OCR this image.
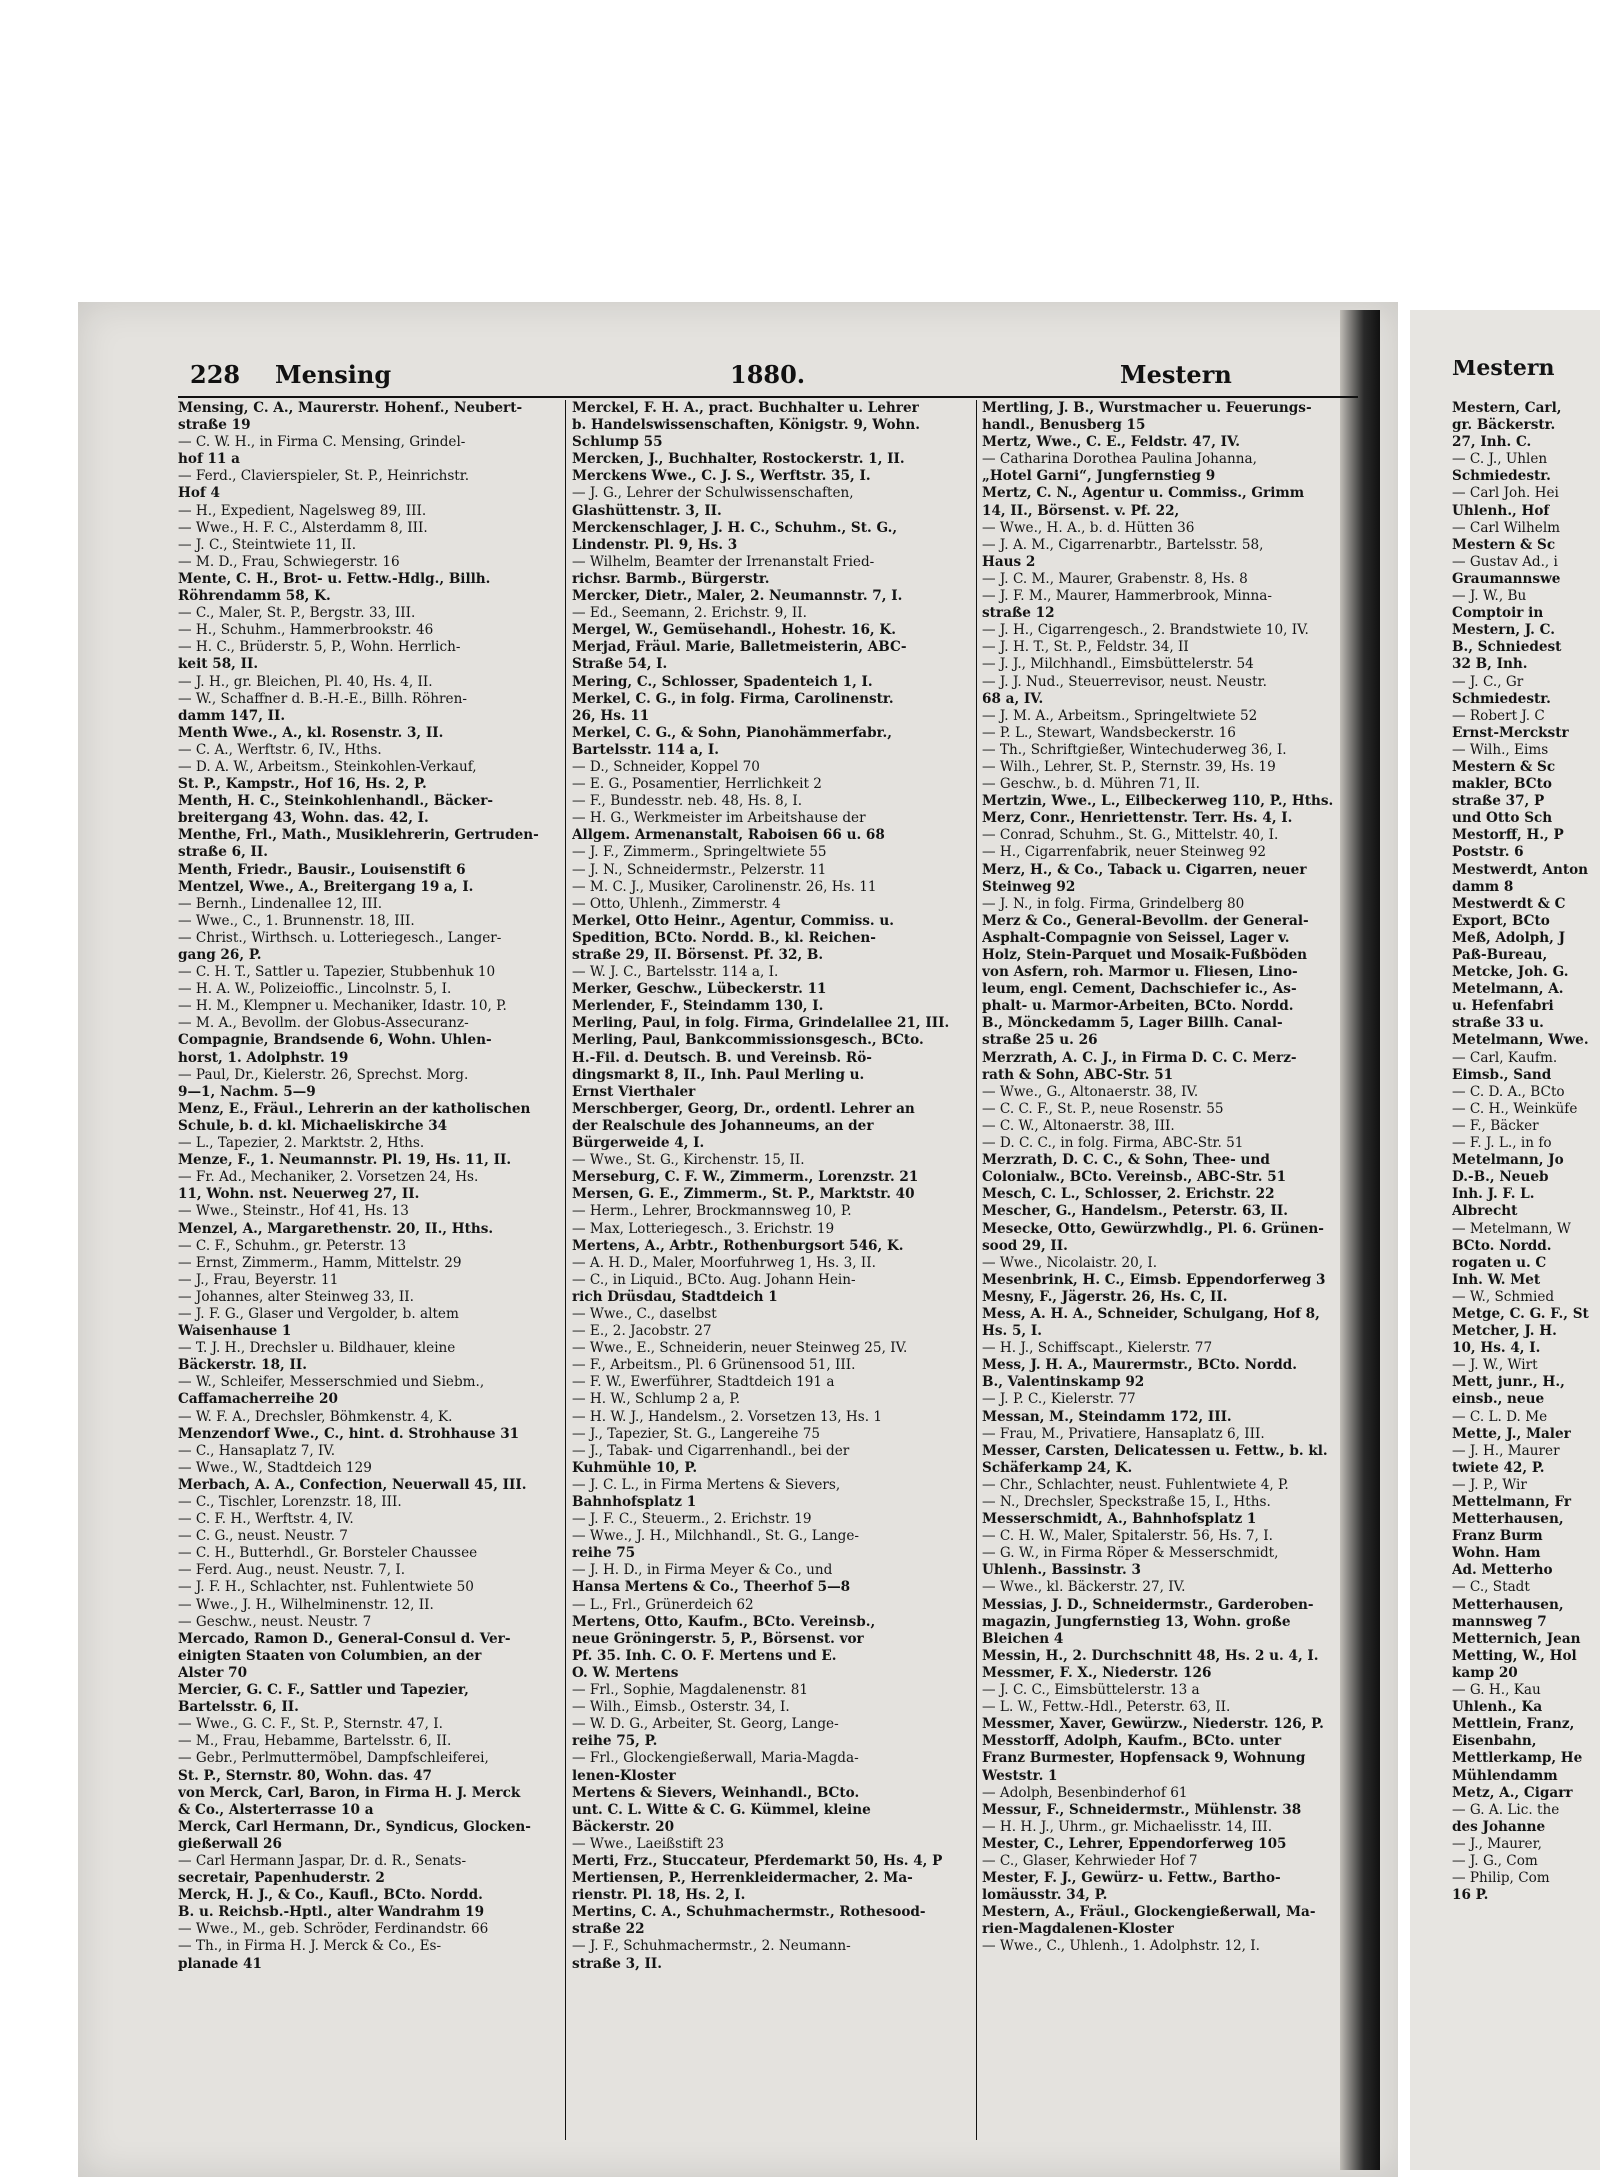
228 Mensing	1880.	Mestern
Mensing, C. A., Maurerstr. Hohenf., Neubert-
straße 19
— C. W. H., in Firma C. Mensing, Grindel-
hof 11 a
— Ferd., Clavierspieler, St. P., Heinrichstr.
Hof 4
— H., Expedient, Nagelsweg 89, III.
— Wwe., H. F. C., Alsterdamm 8, III.
— J. C., Steintwiete 11, II.
— M. D., Frau, Schwiegerstr. 16
Mente, C. H., Brot- u. Fettw.-Hdlg., Billh.
Röhrendamm 58, K.
— C., Maler, St. P., Bergstr. 33, III.
— H., Schuhm., Hammerbrookstr. 46
— H. C., Brüderstr. 5, P., Wohn. Herrlich-
keit 58, II.
— J. H., gr. Bleichen, Pl. 40, Hs. 4, II.
— W., Schaffner d. B.-H.-E., Billh. Röhren-
damm 147, II.
Menth Wwe., A., kl. Rosenstr. 3, II.
— C. A., Werftstr. 6, IV., Hths.
— D. A. W., Arbeitsm., Steinkohlen-Verkauf,
St. P., Kampstr., Hof 16, Hs. 2, P.
Menth, H. C., Steinkohlenhandl., Bäcker-
breitergang 43, Wohn. das. 42, I.
Menthe, Frl., Math., Musiklehrerin, Gertruden-
straße 6, II.
Menth, Friedr., Bausir., Louisenstift 6
Mentzel, Wwe., A., Breitergang 19 a, I.
— Bernh., Lindenallee 12, III.
— Wwe., C., 1. Brunnenstr. 18, III.
— Christ., Wirthsch. u. Lotteriegesch., Langer-
gang 26, P.
— C. H. T., Sattler u. Tapezier, Stubbenhuk 10
— H. A. W., Polizeioffic., Lincolnstr. 5, I.
— H. M., Klempner u. Mechaniker, Idastr. 10, P.
— M. A., Bevollm. der Globus-Assecuranz-
Compagnie, Brandsende 6, Wohn. Uhlen-
horst, 1. Adolphstr. 19
— Paul, Dr., Kielerstr. 26, Sprechst. Morg.
9—1, Nachm. 5—9
Menz, E., Fräul., Lehrerin an der katholischen
Schule, b. d. kl. Michaeliskirche 34
— L., Tapezier, 2. Marktstr. 2, Hths.
Menze, F., 1. Neumannstr. Pl. 19, Hs. 11, II.
— Fr. Ad., Mechaniker, 2. Vorsetzen 24, Hs.
11, Wohn. nst. Neuerweg 27, II.
— Wwe., Steinstr., Hof 41, Hs. 13
Menzel, A., Margarethenstr. 20, II., Hths.
— C. F., Schuhm., gr. Peterstr. 13
— Ernst, Zimmerm., Hamm, Mittelstr. 29
— J., Frau, Beyerstr. 11
— Johannes, alter Steinweg 33, II.
— J. F. G., Glaser und Vergolder, b. altem
Waisenhause 1
— T. J. H., Drechsler u. Bildhauer, kleine
Bäckerstr. 18, II.
— W., Schleifer, Messerschmied und Siebm.,
Caffamacherreihe 20
— W. F. A., Drechsler, Böhmkenstr. 4, K.
Menzendorf Wwe., C., hint. d. Strohhause 31
— C., Hansaplatz 7, IV.
— Wwe., W., Stadtdeich 129
Merbach, A. A., Confection, Neuerwall 45, III.
— C., Tischler, Lorenzstr. 18, III.
— C. F. H., Werftstr. 4, IV.
— C. G., neust. Neustr. 7
— C. H., Butterhdl., Gr. Borsteler Chaussee
— Ferd. Aug., neust. Neustr. 7, I.
— J. F. H., Schlachter, nst. Fuhlentwiete 50
— Wwe., J. H., Wilhelminenstr. 12, II.
— Geschw., neust. Neustr. 7
Mercado, Ramon D., General-Consul d. Ver-
einigten Staaten von Columbien, an der
Alster 70
Mercier, G. C. F., Sattler und Tapezier,
Bartelsstr. 6, II.
— Wwe., G. C. F., St. P., Sternstr. 47, I.
— M., Frau, Hebamme, Bartelsstr. 6, II.
— Gebr., Perlmuttermöbel, Dampfschleiferei,
St. P., Sternstr. 80, Wohn. das. 47
von Merck, Carl, Baron, in Firma H. J. Merck
& Co., Alsterterrasse 10 a
Merck, Carl Hermann, Dr., Syndicus, Glocken-
gießerwall 26
— Carl Hermann Jaspar, Dr. d. R., Senats-
secretair, Papenhuderstr. 2
Merck, H. J., & Co., Kaufl., BCto. Nordd.
B. u. Reichsb.-Hptl., alter Wandrahm 19
— Wwe., M., geb. Schröder, Ferdinandstr. 66
— Th., in Firma H. J. Merck & Co., Es-
planade 41
Merckel, F. H. A., pract. Buchhalter u. Lehrer
b. Handelswissenschaften, Königstr. 9, Wohn.
Schlump 55
Mercken, J., Buchhalter, Rostockerstr. 1, II.
Merckens Wwe., C. J. S., Werftstr. 35, I.
— J. G., Lehrer der Schulwissenschaften,
Glashüttenstr. 3, II.
Merckenschlager, J. H. C., Schuhm., St. G.,
Lindenstr. Pl. 9, Hs. 3
— Wilhelm, Beamter der Irrenanstalt Fried-
richsr. Barmb., Bürgerstr.
Mercker, Dietr., Maler, 2. Neumannstr. 7, I.
— Ed., Seemann, 2. Erichstr. 9, II.
Mergel, W., Gemüsehandl., Hohestr. 16, K.
Merjad, Fräul. Marie, Balletmeisterin, ABC-
Straße 54, I.
Mering, C., Schlosser, Spadenteich 1, I.
Merkel, C. G., in folg. Firma, Carolinenstr.
26, Hs. 11
Merkel, C. G., & Sohn, Pianohämmerfabr.,
Bartelsstr. 114 a, I.
— D., Schneider, Koppel 70
— E. G., Posamentier, Herrlichkeit 2
— F., Bundesstr. neb. 48, Hs. 8, I.
— H. G., Werkmeister im Arbeitshause der
Allgem. Armenanstalt, Raboisen 66 u. 68
— J. F., Zimmerm., Springeltwiete 55
— J. N., Schneidermstr., Pelzerstr. 11
— M. C. J., Musiker, Carolinenstr. 26, Hs. 11
— Otto, Uhlenh., Zimmerstr. 4
Merkel, Otto Heinr., Agentur, Commiss. u.
Spedition, BCto. Nordd. B., kl. Reichen-
straße 29, II. Börsenst. Pf. 32, B.
— W. J. C., Bartelsstr. 114 a, I.
Merker, Geschw., Lübeckerstr. 11
Merlender, F., Steindamm 130, I.
Merling, Paul, in folg. Firma, Grindelallee 21, III.
Merling, Paul, Bankcommissionsgesch., BCto.
H.-Fil. d. Deutsch. B. und Vereinsb. Rö-
dingsmarkt 8, II., Inh. Paul Merling u.
Ernst Vierthaler
Merschberger, Georg, Dr., ordentl. Lehrer an
der Realschule des Johanneums, an der
Bürgerweide 4, I.
— Wwe., St. G., Kirchenstr. 15, II.
Merseburg, C. F. W., Zimmerm., Lorenzstr. 21
Mersen, G. E., Zimmerm., St. P., Marktstr. 40
— Herm., Lehrer, Brockmannsweg 10, P.
— Max, Lotteriegesch., 3. Erichstr. 19
Mertens, A., Arbtr., Rothenburgsort 546, K.
— A. H. D., Maler, Moorfuhrweg 1, Hs. 3, II.
— C., in Liquid., BCto. Aug. Johann Hein-
rich Drüsdau, Stadtdeich 1
— Wwe., C., daselbst
— E., 2. Jacobstr. 27
— Wwe., E., Schneiderin, neuer Steinweg 25, IV.
— F., Arbeitsm., Pl. 6 Grünensood 51, III.
— F. W., Ewerführer, Stadtdeich 191 a
— H. W., Schlump 2 a, P.
— H. W. J., Handelsm., 2. Vorsetzen 13, Hs. 1
— J., Tapezier, St. G., Langereihe 75
— J., Tabak- und Cigarrenhandl., bei der
Kuhmühle 10, P.
— J. C. L., in Firma Mertens & Sievers,
Bahnhofsplatz 1
— J. F. C., Steuerm., 2. Erichstr. 19
— Wwe., J. H., Milchhandl., St. G., Lange-
reihe 75
— J. H. D., in Firma Meyer & Co., und
Hansa Mertens & Co., Theerhof 5—8
— L., Frl., Grünerdeich 62
Mertens, Otto, Kaufm., BCto. Vereinsb.,
neue Gröningerstr. 5, P., Börsenst. vor
Pf. 35. Inh. C. O. F. Mertens und E.
O. W. Mertens
— Frl., Sophie, Magdalenenstr. 81
— Wilh., Eimsb., Osterstr. 34, I.
— W. D. G., Arbeiter, St. Georg, Lange-
reihe 75, P.
— Frl., Glockengießerwall, Maria-Magda-
lenen-Kloster
Mertens & Sievers, Weinhandl., BCto.
unt. C. L. Witte & C. G. Kümmel, kleine
Bäckerstr. 20
— Wwe., Laeißstift 23
Merti, Frz., Stuccateur, Pferdemarkt 50, Hs. 4, P
Mertiensen, P., Herrenkleidermacher, 2. Ma-
rienstr. Pl. 18, Hs. 2, I.
Mertins, C. A., Schuhmachermstr., Rothesood-
straße 22
— J. F., Schuhmachermstr., 2. Neumann-
straße 3, II.
Mertling, J. B., Wurstmacher u. Feuerungs-
handl., Benusberg 15
Mertz, Wwe., C. E., Feldstr. 47, IV.
— Catharina Dorothea Paulina Johanna,
„Hotel Garni“, Jungfernstieg 9
Mertz, C. N., Agentur u. Commiss., Grimm
14, II., Börsenst. v. Pf. 22,
— Wwe., H. A., b. d. Hütten 36
— J. A. M., Cigarrenarbtr., Bartelsstr. 58,
Haus 2
— J. C. M., Maurer, Grabenstr. 8, Hs. 8
— J. F. M., Maurer, Hammerbrook, Minna-
straße 12
— J. H., Cigarrengesch., 2. Brandstwiete 10, IV.
— J. H. T., St. P., Feldstr. 34, II
— J. J., Milchhandl., Eimsbüttelerstr. 54
— J. J. Nud., Steuerrevisor, neust. Neustr.
68 a, IV.
— J. M. A., Arbeitsm., Springeltwiete 52
— P. L., Stewart, Wandsbeckerstr. 16
— Th., Schriftgießer, Wintechuderweg 36, I.
— Wilh., Lehrer, St. P., Sternstr. 39, Hs. 19
— Geschw., b. d. Mühren 71, II.
Mertzin, Wwe., L., Eilbeckerweg 110, P., Hths.
Merz, Conr., Henriettenstr. Terr. Hs. 4, I.
— Conrad, Schuhm., St. G., Mittelstr. 40, I.
— H., Cigarrenfabrik, neuer Steinweg 92
Merz, H., & Co., Taback u. Cigarren, neuer
Steinweg 92
— J. N., in folg. Firma, Grindelberg 80
Merz & Co., General-Bevollm. der General-
Asphalt-Compagnie von Seissel, Lager v.
Holz, Stein-Parquet und Mosaik-Fußböden
von Asfern, roh. Marmor u. Fliesen, Lino-
leum, engl. Cement, Dachschiefer ic., As-
phalt- u. Marmor-Arbeiten, BCto. Nordd.
B., Mönckedamm 5, Lager Billh. Canal-
straße 25 u. 26
Merzrath, A. C. J., in Firma D. C. C. Merz-
rath & Sohn, ABC-Str. 51
— Wwe., G., Altonaerstr. 38, IV.
— C. C. F., St. P., neue Rosenstr. 55
— C. W., Altonaerstr. 38, III.
— D. C. C., in folg. Firma, ABC-Str. 51
Merzrath, D. C. C., & Sohn, Thee- und
Colonialw., BCto. Vereinsb., ABC-Str. 51
Mesch, C. L., Schlosser, 2. Erichstr. 22
Mescher, G., Handelsm., Peterstr. 63, II.
Mesecke, Otto, Gewürzwhdlg., Pl. 6. Grünen-
sood 29, II.
— Wwe., Nicolaistr. 20, I.
Mesenbrink, H. C., Eimsb. Eppendorferweg 3
Mesny, F., Jägerstr. 26, Hs. C, II.
Mess, A. H. A., Schneider, Schulgang, Hof 8,
Hs. 5, I.
— H. J., Schiffscapt., Kielerstr. 77
Mess, J. H. A., Maurermstr., BCto. Nordd.
B., Valentinskamp 92
— J. P. C., Kielerstr. 77
Messan, M., Steindamm 172, III.
— Frau, M., Privatiere, Hansaplatz 6, III.
Messer, Carsten, Delicatessen u. Fettw., b. kl.
Schäferkamp 24, K.
— Chr., Schlachter, neust. Fuhlentwiete 4, P.
— N., Drechsler, Speckstraße 15, I., Hths.
Messerschmidt, A., Bahnhofsplatz 1
— C. H. W., Maler, Spitalerstr. 56, Hs. 7, I.
— G. W., in Firma Röper & Messerschmidt,
Uhlenh., Bassinstr. 3
— Wwe., kl. Bäckerstr. 27, IV.
Messias, J. D., Schneidermstr., Garderoben-
magazin, Jungfernstieg 13, Wohn. große
Bleichen 4
Messin, H., 2. Durchschnitt 48, Hs. 2 u. 4, I.
Messmer, F. X., Niederstr. 126
— J. C. C., Eimsbüttelerstr. 13 a
— L. W., Fettw.-Hdl., Peterstr. 63, II.
Messmer, Xaver, Gewürzw., Niederstr. 126, P.
Messtorff, Adolph, Kaufm., BCto. unter
Franz Burmester, Hopfensack 9, Wohnung
Weststr. 1
— Adolph, Besenbinderhof 61
Messur, F., Schneidermstr., Mühlenstr. 38
— H. H. J., Uhrm., gr. Michaelisstr. 14, III.
Mester, C., Lehrer, Eppendorferweg 105
— C., Glaser, Kehrwieder Hof 7
Mester, F. J., Gewürz- u. Fettw., Bartho-
lomäusstr. 34, P.
Mestern, A., Fräul., Glockengießerwall, Ma-
rien-Magdalenen-Kloster
— Wwe., C., Uhlenh., 1. Adolphstr. 12, I.
Mestern
Mestern, Carl,
gr. Bäckerstr.
27, Inh. C.
— C. J., Uhlen
Schmiedestr.
— Carl Joh. Hei
Uhlenh., Hof
— Carl Wilhelm
Mestern & Sc
— Gustav Ad., i
Graumannswe
— J. W., Bu
Comptoir in
Mestern, J. C.
B., Schniedest
32 B, Inh.
— J. C., Gr
Schmiedestr.
— Robert J. C
Ernst-Merckstr
— Wilh., Eims
Mestern & Sc
makler, BCto
straße 37, P
und Otto Sch
Mestorff, H., P
Poststr. 6
Mestwerdt, Anton
damm 8
Mestwerdt & C
Export, BCto
Meß, Adolph, J
Paß-Bureau,
Metcke, Joh. G.
Metelmann, A.
u. Hefenfabri
straße 33 u.
Metelmann, Wwe.
— Carl, Kaufm.
Eimsb., Sand
— C. D. A., BCto
— C. H., Weinküfe
— F., Bäcker
— F. J. L., in fo
Metelmann, Jo
D.-B., Neueb
Inh. J. F. L.
Albrecht
— Metelmann, W
BCto. Nordd.
rogaten u. C
Inh. W. Met
— W., Schmied
Metge, C. G. F., St
Metcher, J. H.
10, Hs. 4, I.
— J. W., Wirt
Mett, junr., H.,
einsb., neue
— C. L. D. Me
Mette, J., Maler
— J. H., Maurer
twiete 42, P.
— J. P., Wir
Mettelmann, Fr
Metterhausen,
Franz Burm
Wohn. Ham
Ad. Metterho
— C., Stadt
Metterhausen,
mannsweg 7
Metternich, Jean
Metting, W., Hol
kamp 20
— G. H., Kau
Uhlenh., Ka
Mettlein, Franz,
Eisenbahn,
Mettlerkamp, He
Mühlendamm
Metz, A., Cigarr
— G. A. Lic. the
des Johanne
— J., Maurer,
— J. G., Com
— Philip, Com
16 P.
